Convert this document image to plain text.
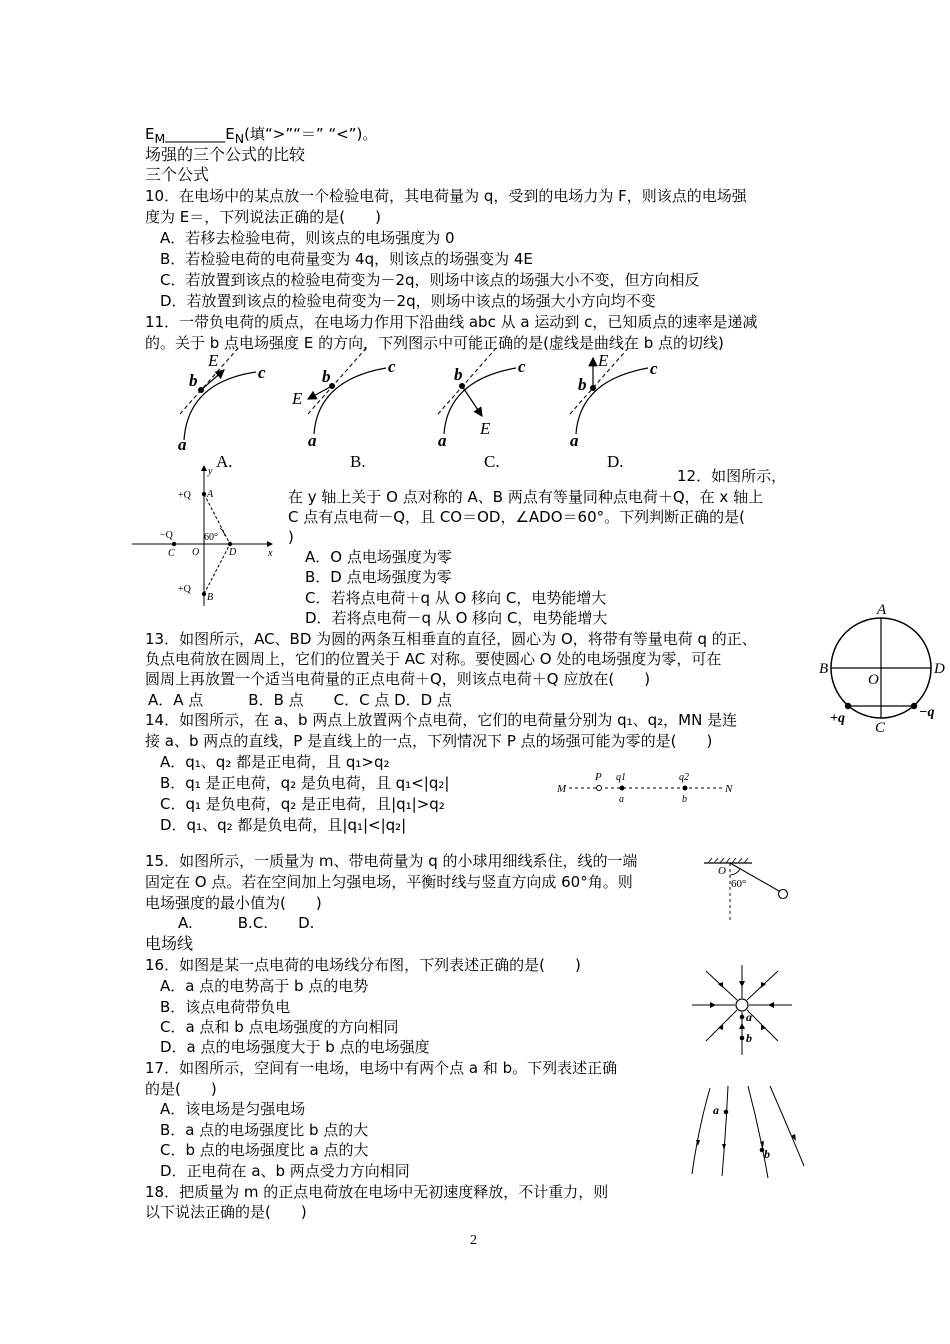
$E_M\_\_\_\_\_\_\_\_E_N$(填“>”“＝” “<”)。
场强的三个公式的比较
三个公式
10．在电场中的某点放一个检验电荷，其电荷量为 q，受到的电场力为 F，则该点的电场强
度为 E＝，下列说法正确的是(　　)
A．若移去检验电荷，则该点的电场强度为 0
B．若检验电荷的电荷量变为 4q，则该点的场强变为 4E
C．若放置到该点的检验电荷变为－2q，则场中该点的场强大小不变，但方向相反
D．若放置到该点的检验电荷变为－2q，则场中该点的场强大小方向均不变
11．一带负电荷的质点，在电场力作用下沿曲线 abc 从 a 运动到 c，已知质点的速率是递减
的。关于 b 点电场强度 E 的方向，下列图示中可能正确的是(虚线是曲线在 b 点的切线)
b
E
c
a
b
E
c
a
b
E
c
a
b
E c
a
A.	B.	C.	D.
12．如图所示，
在 y 轴上关于 O 点对称的 A、B 两点有等量同种点电荷＋Q，在 x 轴上
C 点有点电荷－Q，且 CO＝OD，∠ADO＝60°。下列判断正确的是(
)
A．O 点电场强度为零
B．D 点电场强度为零
C．若将点电荷＋q 从 O 移向 C，电势能增大
D．若将点电荷－q 从 O 移向 C，电势能增大
y
x
+Q A
−Q
C O	D
+Q
B
60°
13．如图所示，AC、BD 为圆的两条互相垂直的直径，圆心为 O，将带有等量电荷 q 的正、
负点电荷放在圆周上，它们的位置关于 AC 对称。要使圆心 O 处的电场强度为零，可在
圆周上再放置一个适当电荷量的正点电荷＋Q，则该点电荷＋Q 应放在(　　)
A．A 点　　　B．B 点　　C．C 点 D．D 点
A
B	D
C
O
+q	−q
14．如图所示，在 a、b 两点上放置两个点电荷，它们的电荷量分别为 q₁、q₂，MN 是连
接 a、b 两点的直线，P 是直线上的一点，下列情况下 P 点的场强可能为零的是(　　)
A．q₁、q₂ 都是正电荷，且 q₁>q₂
B．q₁ 是正电荷，q₂ 是负电荷，且 q₁<|q₂|
C．q₁ 是负电荷，q₂ 是正电荷，且|q₁|>q₂
D．q₁、q₂ 都是负电荷，且|q₁|<|q₂|
M
P q1
a
q2
b
N
15．如图所示，一质量为 m、带电荷量为 q 的小球用细线系住，线的一端
固定在 O 点。若在空间加上匀强电场，平衡时线与竖直方向成 60°角。则
电场强度的最小值为(　　)
A.　　　B.C.　　D.
O
60°
电场线
16．如图是某一点电荷的电场线分布图，下列表述正确的是(　　)
A．a 点的电势高于 b 点的电势
B．该点电荷带负电
C．a 点和 b 点电场强度的方向相同
D．a 点的电场强度大于 b 点的电场强度
a
b
17．如图所示，空间有一电场，电场中有两个点 a 和 b。下列表述正确
的是(　　)
A．该电场是匀强电场
B．a 点的电场强度比 b 点的大
C．b 点的电场强度比 a 点的大
D．正电荷在 a、b 两点受力方向相同
a
b
18．把质量为 m 的正点电荷放在电场中无初速度释放，不计重力，则
以下说法正确的是(　　)
2
